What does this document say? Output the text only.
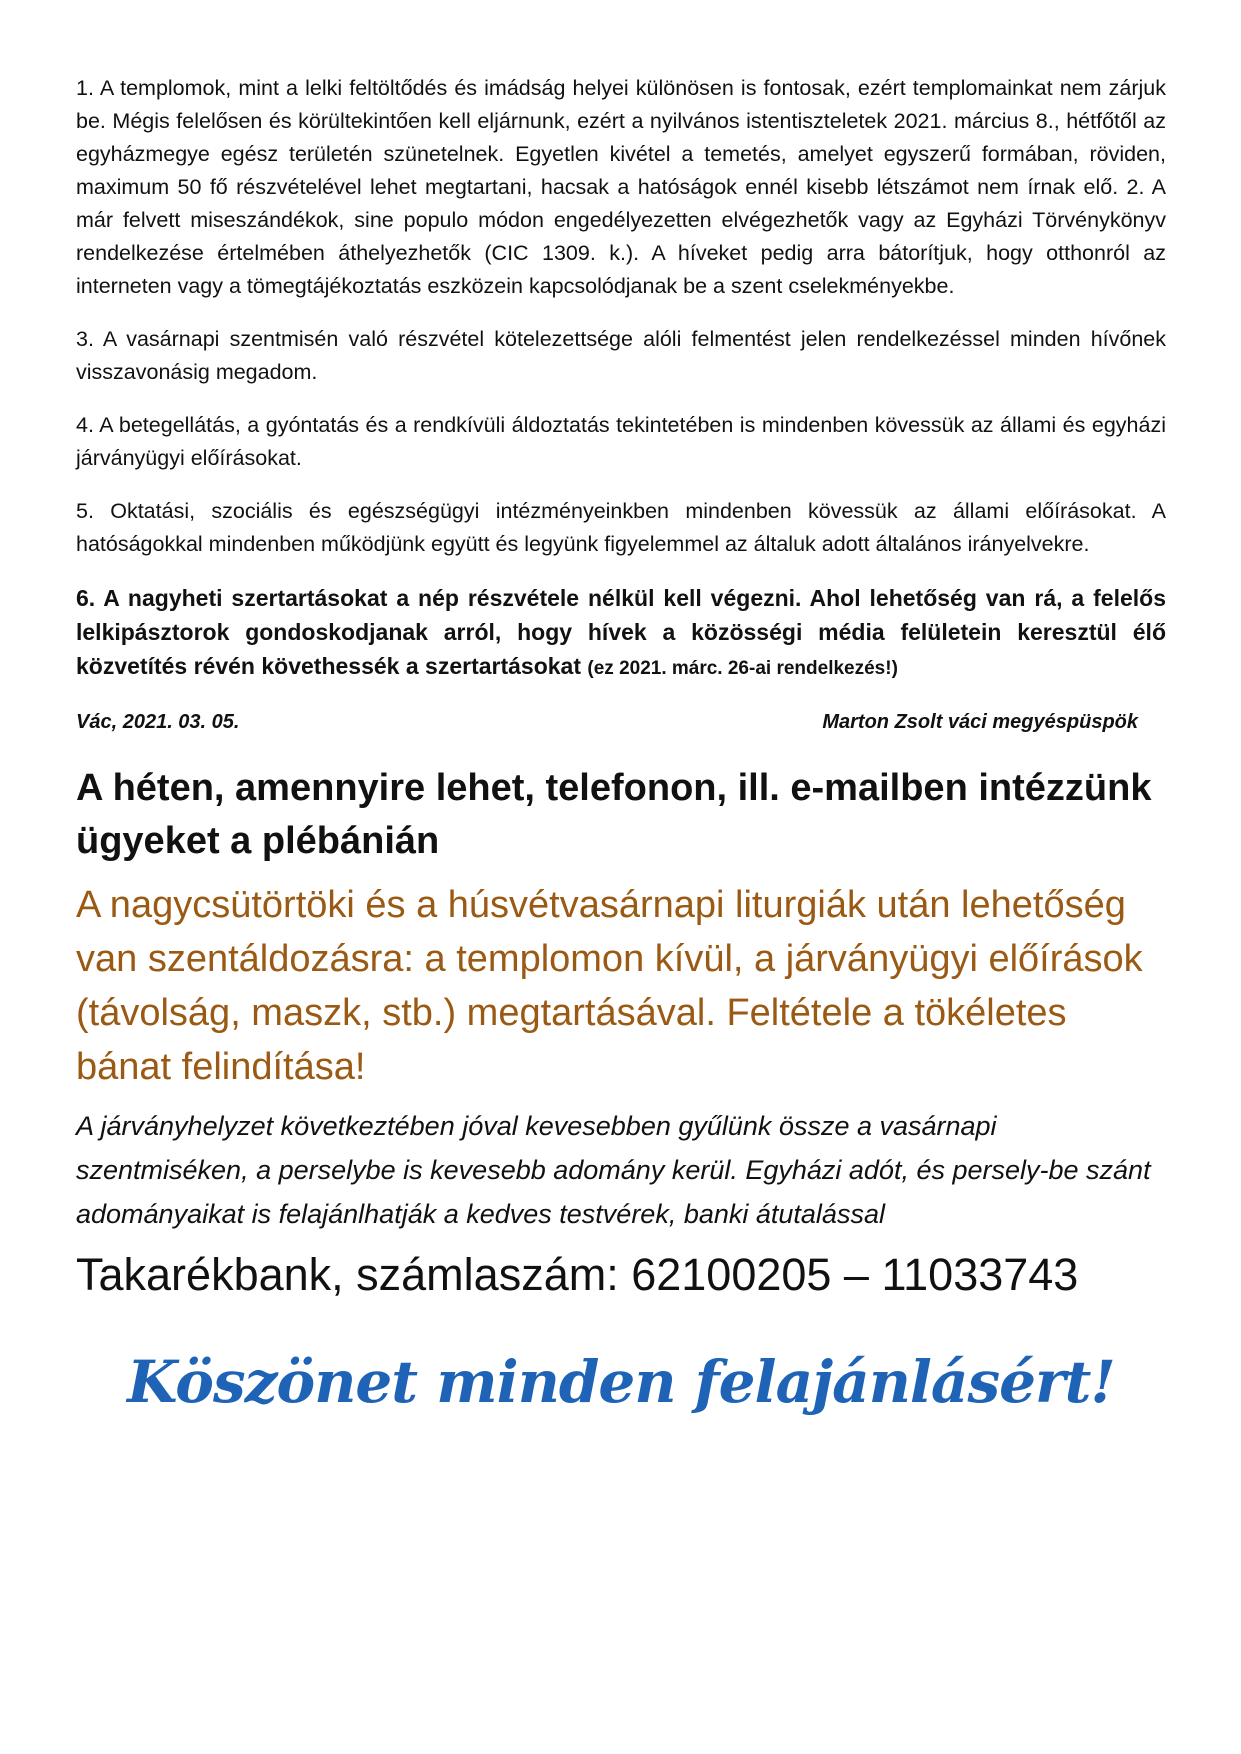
1. A templomok, mint a lelki feltöltődés és imádság helyei különösen is fontosak, ezért templomainkat nem zárjuk be. Mégis felelősen és körültekintően kell eljárnunk, ezért a nyilvános istentiszteletek 2021. március 8., hétfőtől az egyházmegye egész területén szünetelnek. Egyetlen kivétel a temetés, amelyet egyszerű formában, röviden, maximum 50 fő részvételével lehet megtartani, hacsak a hatóságok ennél kisebb létszámot nem írnak elő. 2. A már felvett miseszándékok, sine populo módon engedélyezetten elvégezhetők vagy az Egyházi Törvénykönyv rendelkezése értelmében áthelyezhetők (CIC 1309. k.). A híveket pedig arra bátorítjuk, hogy otthonról az interneten vagy a tömegtájékoztatás eszközein kapcsolódjanak be a szent cselekményekbe.

3. A vasárnapi szentmisén való részvétel kötelezettsége alóli felmentést jelen rendelkezéssel minden hívőnek visszavonásig megadom.

4. A betegellátás, a gyóntatás és a rendkívüli áldoztatás tekintetében is mindenben kövessük az állami és egyházi járványügyi előírásokat.

5. Oktatási, szociális és egészségügyi intézményeinkben mindenben kövessük az állami előírásokat. A hatóságokkal mindenben működjünk együtt és legyünk figyelemmel az általuk adott általános irányelvekre.

6. A nagyheti szertartásokat a nép részvétele nélkül kell végezni. Ahol lehetőség van rá, a felelős lelkipásztorok gondoskodjanak arról, hogy hívek a közösségi média felületein keresztül élő közvetítés révén követhessék a szertartásokat (ez 2021. márc. 26-ai rendelkezés!)

Vác, 2021. 03. 05.	Marton Zsolt váci megyéspüspök

A héten, amennyire lehet, telefonon, ill. e-mailben intézzünk ügyeket a plébánián

A nagycsütörtöki és a húsvétvasárnapi liturgiák után lehetőség van szentáldozásra: a templomon kívül, a járványügyi előírások (távolság, maszk, stb.) megtartásával. Feltétele a tökéletes bánat felindítása!

A járványhelyzet következtében jóval kevesebben gyűlünk össze a vasárnapi szentmiséken, a perselybe is kevesebb adomány kerül. Egyházi adót, és persely-be szánt adományaikat is felajánlhatják a kedves testvérek, banki átutalással

Takarékbank, számlaszám: 62100205 – 11033743

Köszönet minden felajánlásért!
